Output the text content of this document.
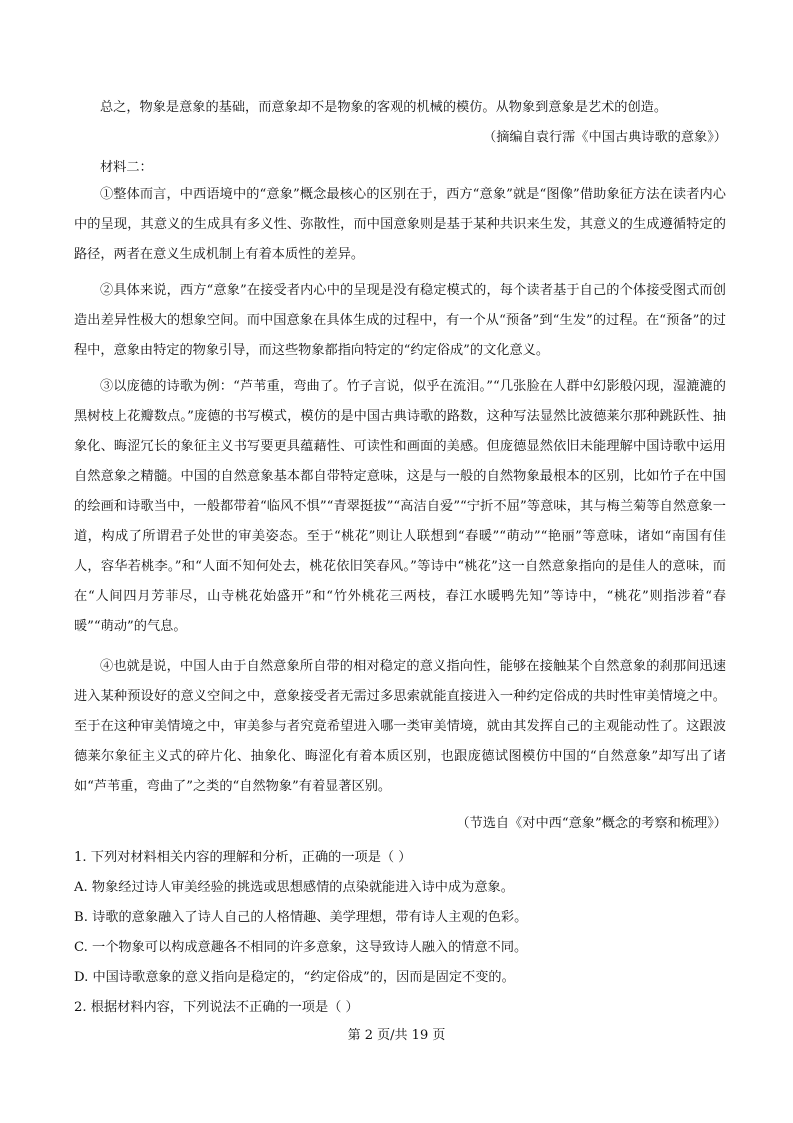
总之，物象是意象的基础，而意象却不是物象的客观的机械的模仿。从物象到意象是艺术的创造。

（摘编自袁行霈《中国古典诗歌的意象》）

材料二：

①整体而言，中西语境中的“意象”概念最核心的区别在于，西方“意象”就是“图像”借助象征方法在读者内心中的呈现，其意义的生成具有多义性、弥散性，而中国意象则是基于某种共识来生发，其意义的生成遵循特定的路径，两者在意义生成机制上有着本质性的差异。

②具体来说，西方“意象”在接受者内心中的呈现是没有稳定模式的，每个读者基于自己的个体接受图式而创造出差异性极大的想象空间。而中国意象在具体生成的过程中，有一个从“预备”到“生发”的过程。在“预备”的过程中，意象由特定的物象引导，而这些物象都指向特定的“约定俗成”的文化意义。

③以庞德的诗歌为例：“芦苇重，弯曲了。竹子言说，似乎在流泪。”“几张脸在人群中幻影般闪现，湿漉漉的黑树枝上花瓣数点。”庞德的书写模式，模仿的是中国古典诗歌的路数，这种写法显然比波德莱尔那种跳跃性、抽象化、晦涩冗长的象征主义书写要更具蕴藉性、可读性和画面的美感。但庞德显然依旧未能理解中国诗歌中运用自然意象之精髓。中国的自然意象基本都自带特定意味，这是与一般的自然物象最根本的区别，比如竹子在中国的绘画和诗歌当中，一般都带着“临风不惧”“青翠挺拔”“高洁自爱”“宁折不屈”等意味，其与梅兰菊等自然意象一道，构成了所谓君子处世的审美姿态。至于“桃花”则让人联想到“春暖”“萌动”“艳丽”等意味，诸如“南国有佳人，容华若桃李。”和“人面不知何处去，桃花依旧笑春风。”等诗中“桃花”这一自然意象指向的是佳人的意味，而在“人间四月芳菲尽，山寺桃花始盛开”和“竹外桃花三两枝，春江水暖鸭先知”等诗中，“桃花”则指涉着“春暖”“萌动”的气息。

④也就是说，中国人由于自然意象所自带的相对稳定的意义指向性，能够在接触某个自然意象的刹那间迅速进入某种预设好的意义空间之中，意象接受者无需过多思索就能直接进入一种约定俗成的共时性审美情境之中。至于在这种审美情境之中，审美参与者究竟希望进入哪一类审美情境，就由其发挥自己的主观能动性了。这跟波德莱尔象征主义式的碎片化、抽象化、晦涩化有着本质区别，也跟庞德试图模仿中国的“自然意象”却写出了诸如“芦苇重，弯曲了”之类的“自然物象”有着显著区别。

（节选自《对中西“意象”概念的考察和梳理》）

1. 下列对材料相关内容的理解和分析，正确的一项是（ ）

A. 物象经过诗人审美经验的挑选或思想感情的点染就能进入诗中成为意象。

B. 诗歌的意象融入了诗人自己的人格情趣、美学理想，带有诗人主观的色彩。

C. 一个物象可以构成意趣各不相同的许多意象，这导致诗人融入的情意不同。

D. 中国诗歌意象的意义指向是稳定的，“约定俗成”的，因而是固定不变的。

2. 根据材料内容，下列说法不正确的一项是（ ）

第 2 页/共 19 页
